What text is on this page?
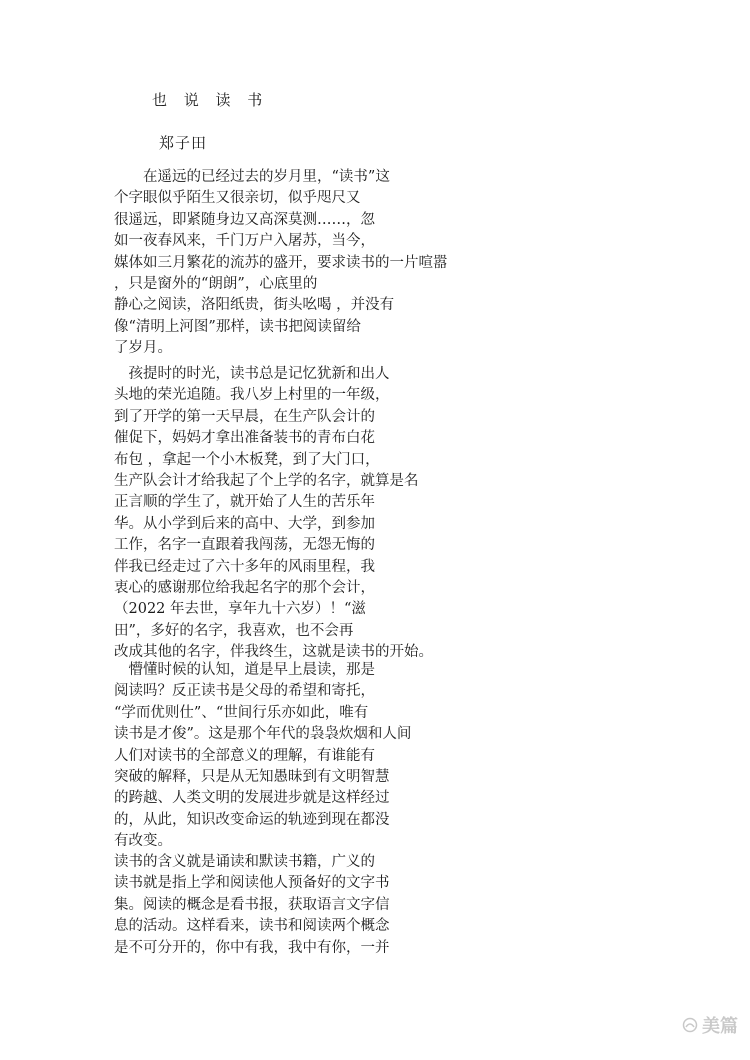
也 说 读 书
郑子田
　　在遥远的已经过去的岁月里，“读书”这
个字眼似乎陌生又很亲切，似乎咫尺又
很遥远，即紧随身边又高深莫测……，忽
如一夜春风来，千门万户入屠苏，当今，
媒体如三月繁花的流苏的盛开，要求读书的一片喧嚣
，只是窗外的“朗朗”，心底里的
静心之阅读，洛阳纸贵，街头吆喝 ，并没有
像“清明上河图”那样，读书把阅读留给
了岁月。
　孩提时的时光，读书总是记忆犹新和出人
头地的荣光追随。我八岁上村里的一年级，
到了开学的第一天早晨，在生产队会计的
催促下，妈妈才拿出准备装书的青布白花
布包 ，拿起一个小木板凳，到了大门口，
生产队会计才给我起了个上学的名字，就算是名
正言顺的学生了，就开始了人生的苦乐年
华。从小学到后来的高中、大学，到参加
工作，名字一直跟着我闯荡，无怨无悔的
伴我已经走过了六十多年的风雨里程，我
衷心的感谢那位给我起名字的那个会计，
（2022 年去世，享年九十六岁）！“滋
田”，多好的名字，我喜欢，也不会再
改成其他的名字，伴我终生，这就是读书的开始。
　懵懂时候的认知，道是早上晨读，那是
阅读吗？反正读书是父母的希望和寄托，
“学而优则仕”、“世间行乐亦如此，唯有
读书是才俊”。这是那个年代的袅袅炊烟和人间
人们对读书的全部意义的理解，有谁能有
突破的解释，只是从无知愚昧到有文明智慧
的跨越、人类文明的发展进步就是这样经过
的，从此，知识改变命运的轨迹到现在都没
有改变。
读书的含义就是诵读和默读书籍，广义的
读书就是指上学和阅读他人预备好的文字书
集。阅读的概念是看书报，获取语言文字信
息的活动。这样看来，读书和阅读两个概念
是不可分开的，你中有我，我中有你，一并
美篇
